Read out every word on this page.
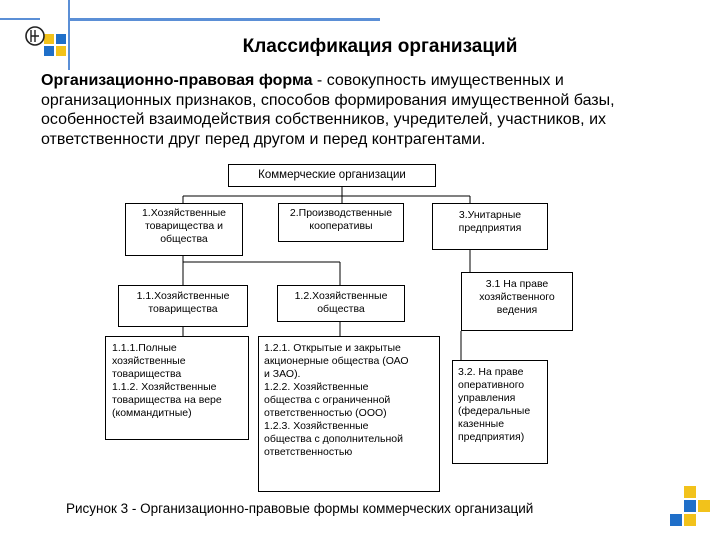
Классификация организаций
Организационно-правовая форма - совокупность имущественных и организационных признаков, способов формирования имущественной базы, особенностей взаимодействия собственников, учредителей, участников, их ответственности друг перед другом и перед контрагентами.
Коммерческие организации
1.Хозяйственные
товарищества и
общества
2.Производственные
кооперативы
3.Унитарные
предприятия
1.1.Хозяйственные
товарищества
1.2.Хозяйственные
общества
3.1 На праве
хозяйственного
ведения
1.1.1.Полные
хозяйственные
товарищества
1.1.2. Хозяйственные
товарищества на вере
(коммандитные)
1.2.1. Открытые и закрытые
акционерные общества (ОАО
и ЗАО).
1.2.2. Хозяйственные
общества с ограниченной
ответственностью (ООО)
1.2.3. Хозяйственные
общества с дополнительной
ответственностью
3.2. На праве
оперативного
управления
(федеральные
казенные
предприятия)
Рисунок 3 - Организационно-правовые формы коммерческих организаций
